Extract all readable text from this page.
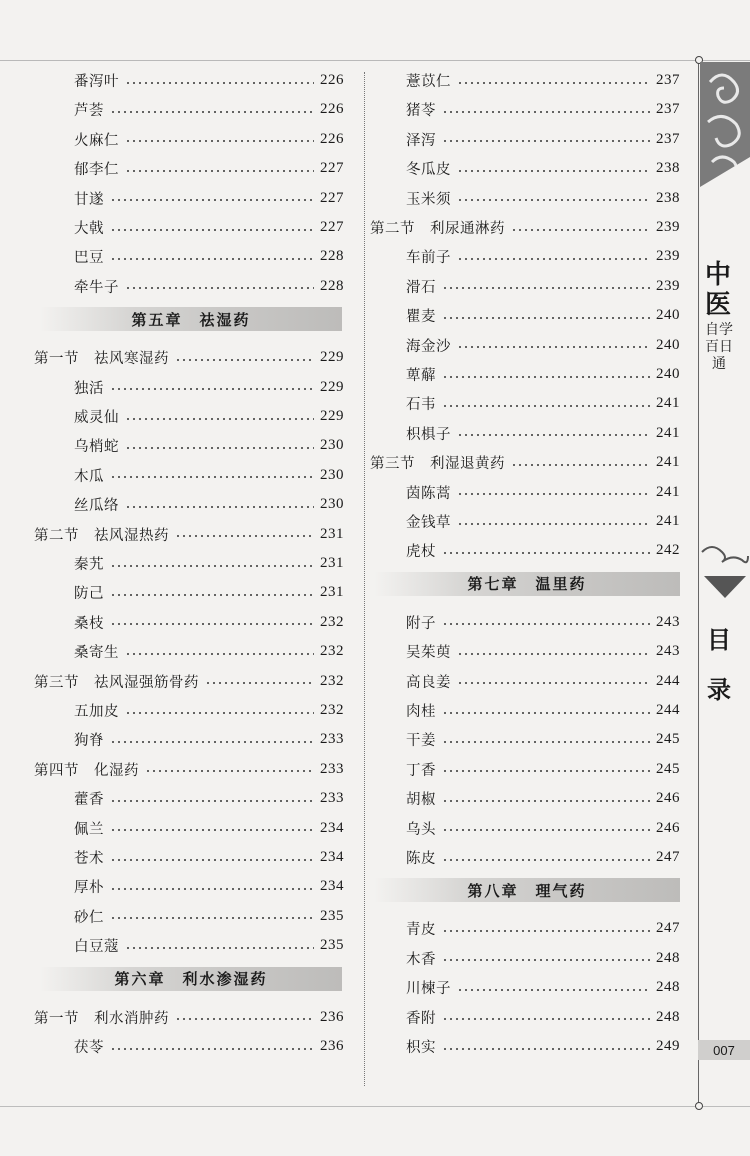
番泻叶	226
芦荟	226
火麻仁	226
郁李仁	227
甘遂	227
大戟	227
巴豆	228
牵牛子	228
第五章　祛湿药
第一节　祛风寒湿药	229
独活	229
威灵仙	229
乌梢蛇	230
木瓜	230
丝瓜络	230
第二节　祛风湿热药	231
秦艽	231
防己	231
桑枝	232
桑寄生	232
第三节　祛风湿强筋骨药	232
五加皮	232
狗脊	233
第四节　化湿药	233
藿香	233
佩兰	234
苍术	234
厚朴	234
砂仁	235
白豆蔻	235
第六章　利水渗湿药
第一节　利水消肿药	236
茯苓	236
薏苡仁	237
猪苓	237
泽泻	237
冬瓜皮	238
玉米须	238
第二节　利尿通淋药	239
车前子	239
滑石	239
瞿麦	240
海金沙	240
萆薢	240
石韦	241
枳椇子	241
第三节　利湿退黄药	241
茵陈蒿	241
金钱草	241
虎杖	242
第七章　温里药
附子	243
吴茱萸	243
高良姜	244
肉桂	244
干姜	245
丁香	245
胡椒	246
乌头	246
陈皮	247
第八章　理气药
青皮	247
木香	248
川楝子	248
香附	248
枳实	249
中医
自学百日通
目录
007
